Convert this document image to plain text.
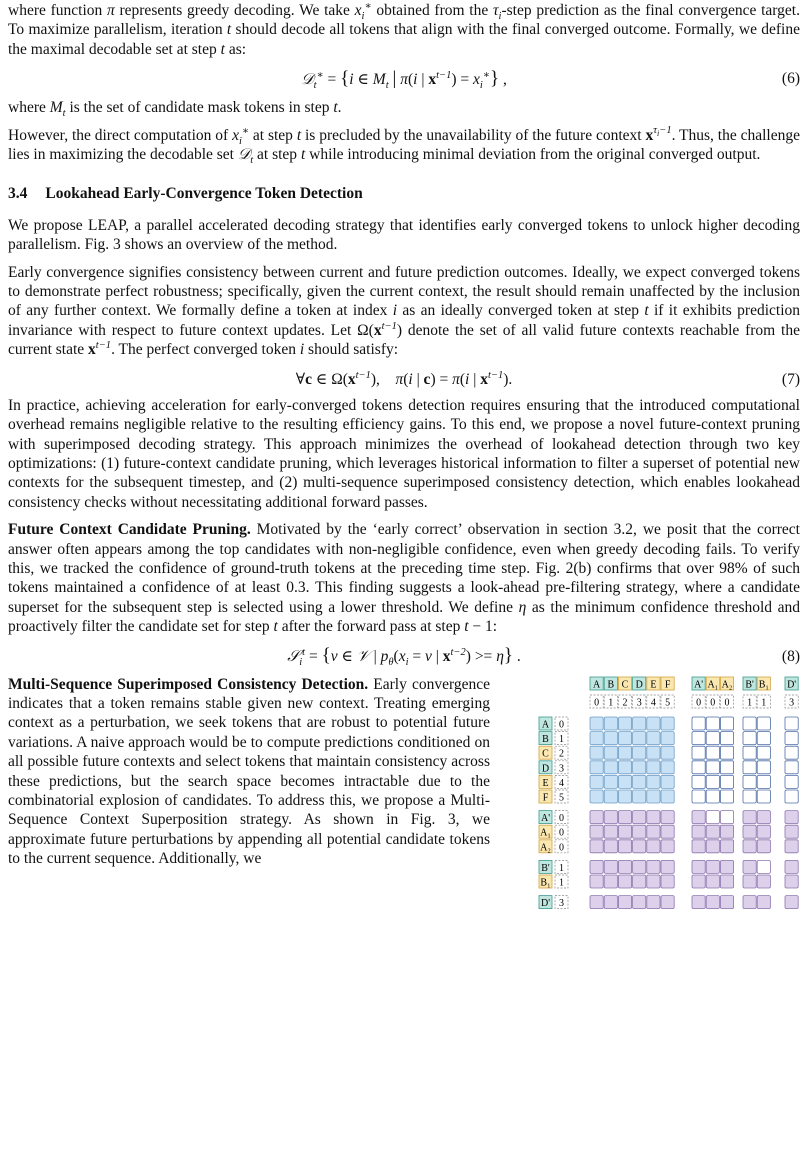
where function π represents greedy decoding. We take $x_i^∗$ obtained from the $\tau_i$-step prediction as the final convergence target. To maximize parallelism, iteration t should decode all tokens that align with the final converged outcome. Formally, we define the maximal decodable set at step t as:

𝒟$_t$∗ = {i ∈ $M_t$ | π(i | $x^{t-1}) = x_i^∗$} ,	(6)

where $M_t$ is the set of candidate mask tokens in step t.

However, the direct computation of $x_i^∗$ at step t is precluded by the unavailability of the future context $x^{\tau_i-1}$. Thus, the challenge lies in maximizing the decodable set 𝒟$_t$ at step t while introducing minimal deviation from the original converged output.

3.4 Lookahead Early-Convergence Token Detection

We propose LEAP, a parallel accelerated decoding strategy that identifies early converged tokens to unlock higher decoding parallelism. Fig. 3 shows an overview of the method.

Early convergence signifies consistency between current and future prediction outcomes. Ideally, we expect converged tokens to demonstrate perfect robustness; specifically, given the current context, the result should remain unaffected by the inclusion of any further context. We formally define a token at index i as an ideally converged token at step t if it exhibits prediction invariance with respect to future context updates. Let $\Omega(x^{t-1})$ denote the set of all valid future contexts reachable from the current state $x^{t-1}$. The perfect converged token i should satisfy:

∀c ∈ $\Omega(x^{t-1})$,    π(i | c) = π(i | $x^{t-1}$).	(7)

In practice, achieving acceleration for early-converged tokens detection requires ensuring that the introduced computational overhead remains negligible relative to the resulting efficiency gains. To this end, we propose a novel future-context pruning with superimposed decoding strategy. This approach minimizes the overhead of lookahead detection through two key optimizations: (1) future-context candidate pruning, which leverages historical information to filter a superset of potential new contexts for the subsequent timestep, and (2) multi-sequence superimposed consistency detection, which enables lookahead consistency checks without necessitating additional forward passes.

Future Context Candidate Pruning. Motivated by the ‘early correct’ observation in section 3.2, we posit that the correct answer often appears among the top candidates with non-negligible confidence, even when greedy decoding fails. To verify this, we tracked the confidence of ground-truth tokens at the preceding time step. Fig. 2(b) confirms that over 98% of such tokens maintained a confidence of at least 0.3. This finding suggests a look-ahead pre-filtering strategy, where a candidate superset for the subsequent step is selected using a lower threshold. We define η as the minimum confidence threshold and proactively filter the candidate set for step t after the forward pass at step t − 1:

𝒮$_i^t$ = {v ∈ 𝒱 | $p_\theta(x_i = v$ | $x^{t-2}) >= \eta$} .	(8)

Multi-Sequence Superimposed Consistency Detection. Early convergence indicates that a token remains stable given new context. Treating emerging context as a perturbation, we seek tokens that are robust to potential future variations. A naive approach would be to compute predictions conditioned on all possible future contexts and select tokens that maintain consistency across these predictions, but the search space becomes intractable due to the combinatorial explosion of candidates. To address this, we propose a Multi-Sequence Context Superposition strategy. As shown in Fig. 3, we approximate future perturbations by appending all potential candidate tokens to the current sequence. Additionally, we

A
0
B
1
C
2
D
3
E
4
F
5
A'
0
A₁
0
A₂
0
B'
1
B₁
1
D'
3
A 0
B 1
C 2
D 3
E 4
F 5
A' 0
A₁ 0
A₂ 0
B' 1
B₁ 1
D' 3
